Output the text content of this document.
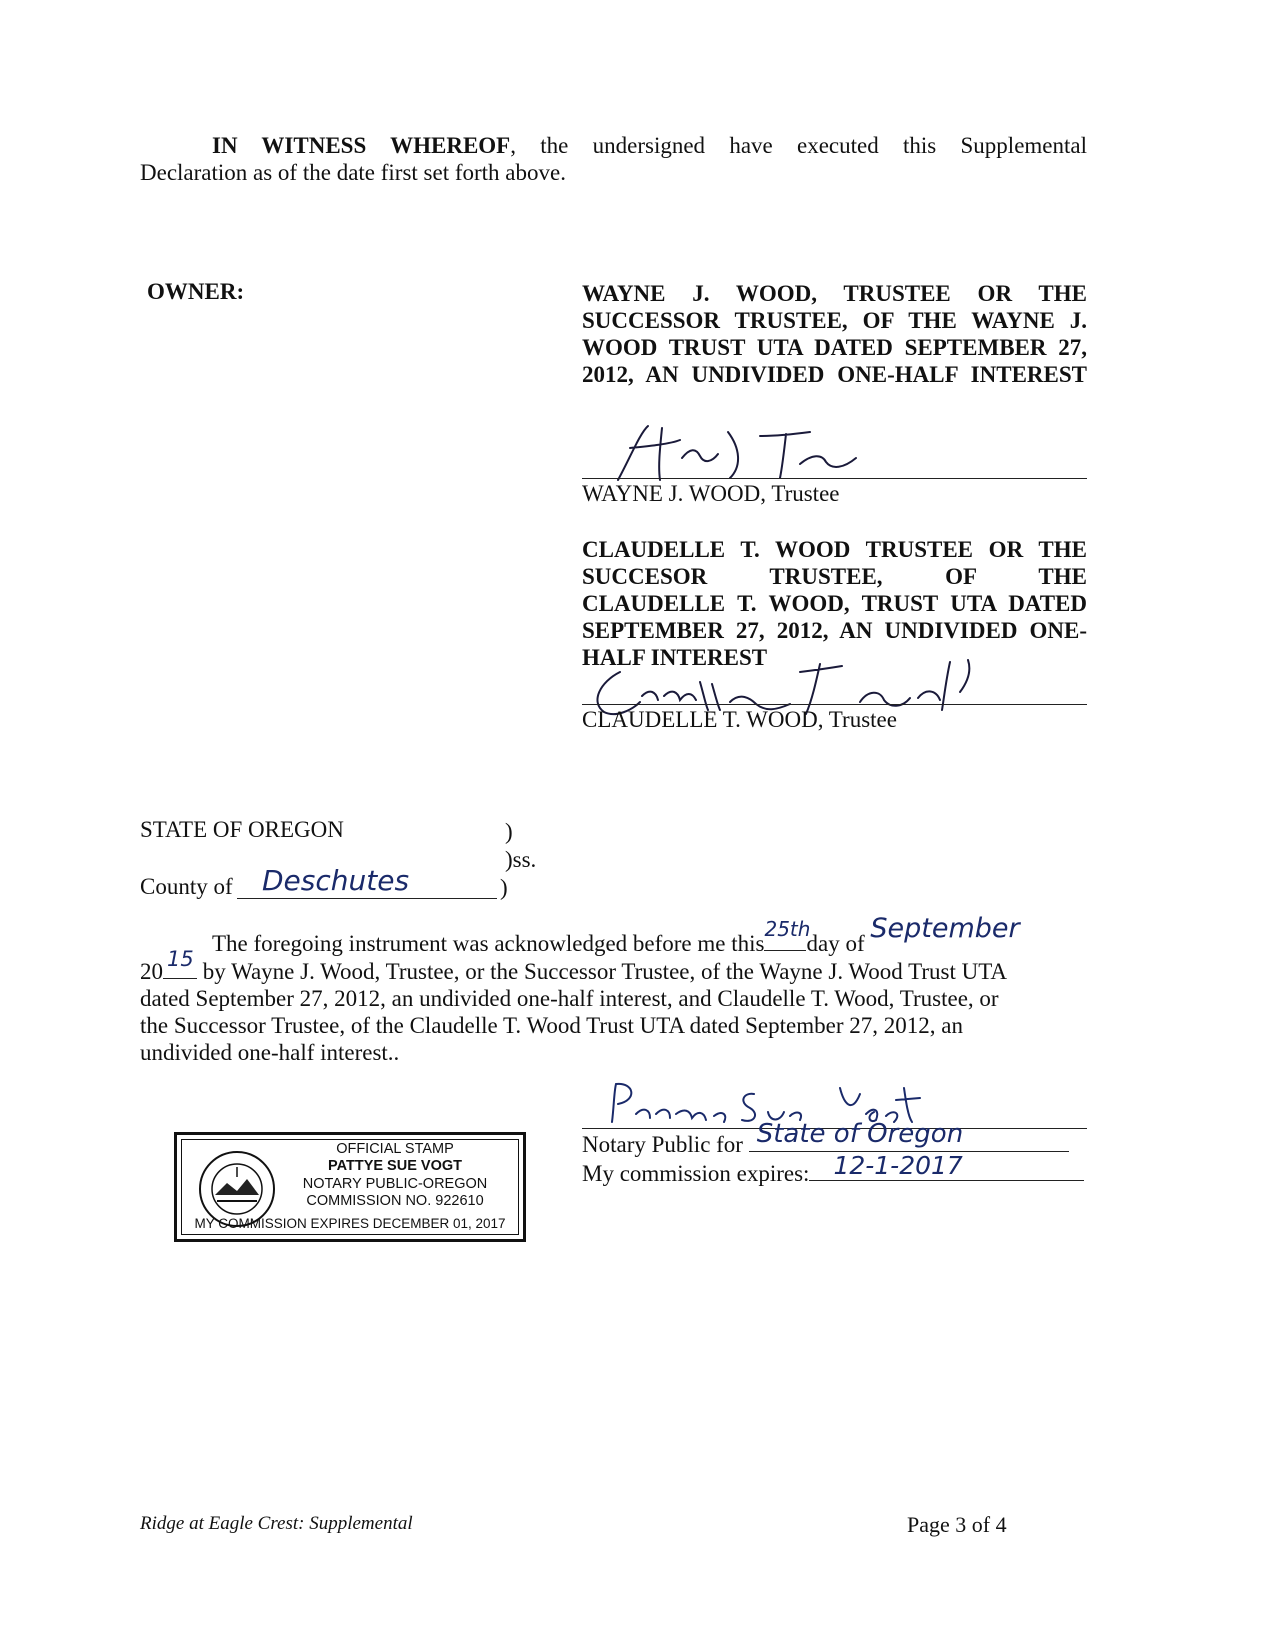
IN WITNESS WHEREOF, the undersigned have executed this Supplemental
Declaration as of the date first set forth above.
OWNER:	WAYNE J. WOOD, TRUSTEE OR THE
SUCCESSOR TRUSTEE, OF THE WAYNE J.
WOOD TRUST UTA DATED SEPTEMBER 27,
2012, AN UNDIVIDED ONE-HALF INTEREST
WAYNE J. WOOD, Trustee
CLAUDELLE T. WOOD TRUSTEE OR THE
SUCCESOR TRUSTEE, OF THE
CLAUDELLE T. WOOD, TRUST UTA DATED
SEPTEMBER 27, 2012, AN UNDIVIDED ONE-
HALF INTEREST
CLAUDELLE T. WOOD, Trustee
STATE OF OREGON	)
)ss.
County of Deschutes	)
The foregoing instrument was acknowledged before me this
25th
day of September
20 15 by Wayne J. Wood, Trustee, or the Successor Trustee, of the Wayne J. Wood Trust UTA
dated September 27, 2012, an undivided one-half interest, and Claudelle T. Wood, Trustee, or
the Successor Trustee, of the Claudelle T. Wood Trust UTA dated September 27, 2012, an
undivided one-half interest..
OFFICIAL STAMP
PATTYE SUE VOGT
NOTARY PUBLIC-OREGON
COMMISSION NO. 922610
MY COMMISSION EXPIRES DECEMBER 01, 2017
Notary Public for State of Oregon
My commission expires: 12-1-2017
Ridge at Eagle Crest: Supplemental	Page 3 of 4
